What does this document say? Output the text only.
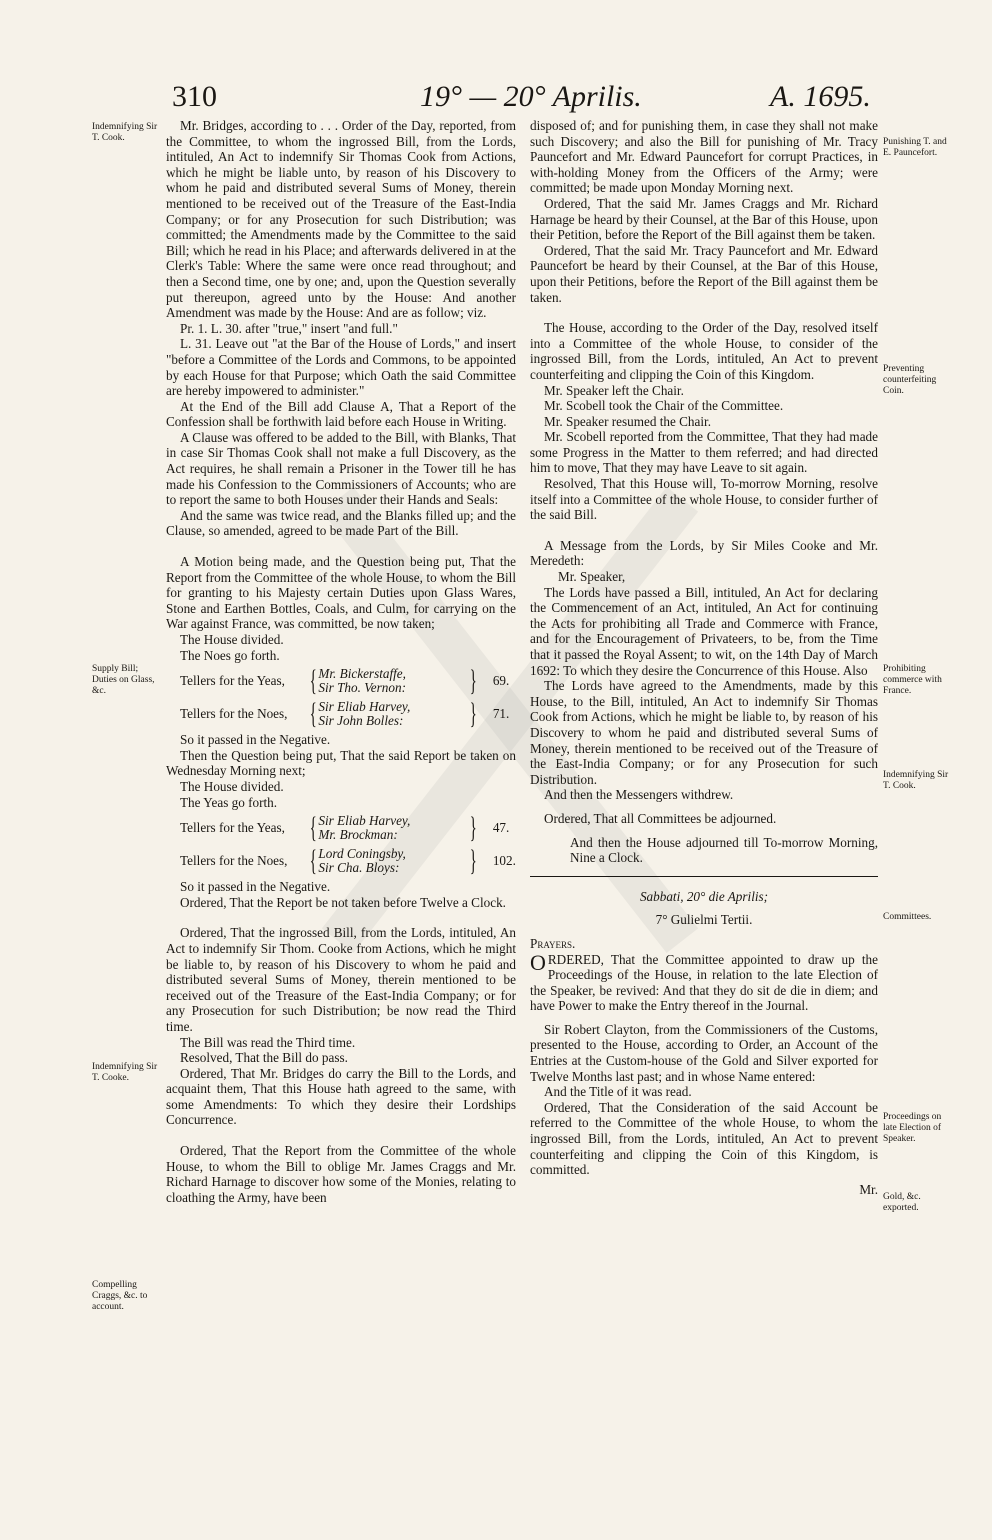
310	19° — 20° Aprilis.	A. 1695.
Indemnifying Sir T. Cook.
Supply Bill; Duties on Glass, &c.
Indemnifying Sir T. Cooke.
Compelling Craggs, &c. to account.
Punishing T. and E. Pauncefort.
Preventing counterfeiting Coin.
Prohibiting commerce with France.
Indemnifying Sir T. Cook.
Committees.
Proceedings on late Election of Speaker.
Gold, &c. exported.

Mr. Bridges, according to . . . Order of the Day, reported, from the Committee, to whom the ingrossed Bill, from the Lords, intituled, An Act to indemnify Sir Thomas Cook from Actions, which he might be liable unto, by reason of his Discovery to whom he paid and distributed several Sums of Money, therein mentioned to be received out of the Treasure of the East-India Company; or for any Prosecution for such Distribution; was committed; the Amendments made by the Committee to the said Bill; which he read in his Place; and afterwards delivered in at the Clerk's Table: Where the same were once read throughout; and then a Second time, one by one; and, upon the Question severally put thereupon, agreed unto by the House: And another Amendment was made by the House: And are as follow; viz.

Pr. 1. L. 30. after "true," insert "and full."

L. 31. Leave out "at the Bar of the House of Lords," and insert "before a Committee of the Lords and Commons, to be appointed by each House for that Purpose; which Oath the said Committee are hereby impowered to administer."

At the End of the Bill add Clause A, That a Report of the Confession shall be forthwith laid before each House in Writing.

A Clause was offered to be added to the Bill, with Blanks, That in case Sir Thomas Cook shall not make a full Discovery, as the Act requires, he shall remain a Prisoner in the Tower till he has made his Confession to the Commissioners of Accounts; who are to report the same to both Houses under their Hands and Seals:

And the same was twice read, and the Blanks filled up; and the Clause, so amended, agreed to be made Part of the Bill.

A Motion being made, and the Question being put, That the Report from the Committee of the whole House, to whom the Bill for granting to his Majesty certain Duties upon Glass Wares, Stone and Earthen Bottles, Coals, and Culm, for carrying on the War against France, was committed, be now taken;

The House divided.

The Noes go forth.

Tellers for the Yeas, { Mr. Bickerstaffe,
Sir Tho. Vernon:	} 69.
Tellers for the Noes, { Sir Eliab Harvey,
Sir John Bolles:	} 71.

So it passed in the Negative.

Then the Question being put, That the said Report be taken on Wednesday Morning next;

The House divided.

The Yeas go forth.

Tellers for the Yeas, { Sir Eliab Harvey,
Mr. Brockman:	} 47.
Tellers for the Noes, { Lord Coningsby,
Sir Cha. Bloys:	} 102.

So it passed in the Negative.

Ordered, That the Report be not taken before Twelve a Clock.

Ordered, That the ingrossed Bill, from the Lords, intituled, An Act to indemnify Sir Thom. Cooke from Actions, which he might be liable to, by reason of his Discovery to whom he paid and distributed several Sums of Money, therein mentioned to be received out of the Treasure of the East-India Company; or for any Prosecution for such Distribution; be now read the Third time.

The Bill was read the Third time.

Resolved, That the Bill do pass.

Ordered, That Mr. Bridges do carry the Bill to the Lords, and acquaint them, That this House hath agreed to the same, with some Amendments: To which they desire their Lordships Concurrence.

Ordered, That the Report from the Committee of the whole House, to whom the Bill to oblige Mr. James Craggs and Mr. Richard Harnage to discover how some of the Monies, relating to cloathing the Army, have been

disposed of; and for punishing them, in case they shall not make such Discovery; and also the Bill for punishing of Mr. Tracy Pauncefort and Mr. Edward Pauncefort for corrupt Practices, in with-holding Money from the Officers of the Army; were committed; be made upon Monday Morning next.

Ordered, That the said Mr. James Craggs and Mr. Richard Harnage be heard by their Counsel, at the Bar of this House, upon their Petition, before the Report of the Bill against them be taken.

Ordered, That the said Mr. Tracy Pauncefort and Mr. Edward Pauncefort be heard by their Counsel, at the Bar of this House, upon their Petitions, before the Report of the Bill against them be taken.

The House, according to the Order of the Day, resolved itself into a Committee of the whole House, to consider of the ingrossed Bill, from the Lords, intituled, An Act to prevent counterfeiting and clipping the Coin of this Kingdom.

Mr. Speaker left the Chair.

Mr. Scobell took the Chair of the Committee.

Mr. Speaker resumed the Chair.

Mr. Scobell reported from the Committee, That they had made some Progress in the Matter to them referred; and had directed him to move, That they may have Leave to sit again.

Resolved, That this House will, To-morrow Morning, resolve itself into a Committee of the whole House, to consider further of the said Bill.

A Message from the Lords, by Sir Miles Cooke and Mr. Meredeth:

Mr. Speaker,

The Lords have passed a Bill, intituled, An Act for declaring the Commencement of an Act, intituled, An Act for continuing the Acts for prohibiting all Trade and Commerce with France, and for the Encouragement of Privateers, to be, from the Time that it passed the Royal Assent; to wit, on the 14th Day of March 1692: To which they desire the Concurrence of this House. Also

The Lords have agreed to the Amendments, made by this House, to the Bill, intituled, An Act to indemnify Sir Thomas Cook from Actions, which he might be liable to, by reason of his Discovery to whom he paid and distributed several Sums of Money, therein mentioned to be received out of the Treasure of the East-India Company; or for any Prosecution for such Distribution.

And then the Messengers withdrew.

Ordered, That all Committees be adjourned.

And then the House adjourned till To-morrow Morning, Nine a Clock.

Sabbati, 20° die Aprilis;

7° Gulielmi Tertii.

Prayers.

ORDERED, That the Committee appointed to draw up the Proceedings of the House, in relation to the late Election of the Speaker, be revived: And that they do sit de die in diem; and have Power to make the Entry thereof in the Journal.

Sir Robert Clayton, from the Commissioners of the Customs, presented to the House, according to Order, an Account of the Entries at the Custom-house of the Gold and Silver exported for Twelve Months last past; and in whose Name entered:

And the Title of it was read.

Ordered, That the Consideration of the said Account be referred to the Committee of the whole House, to whom the ingrossed Bill, from the Lords, intituled, An Act to prevent counterfeiting and clipping the Coin of this Kingdom, is committed.

Mr.
